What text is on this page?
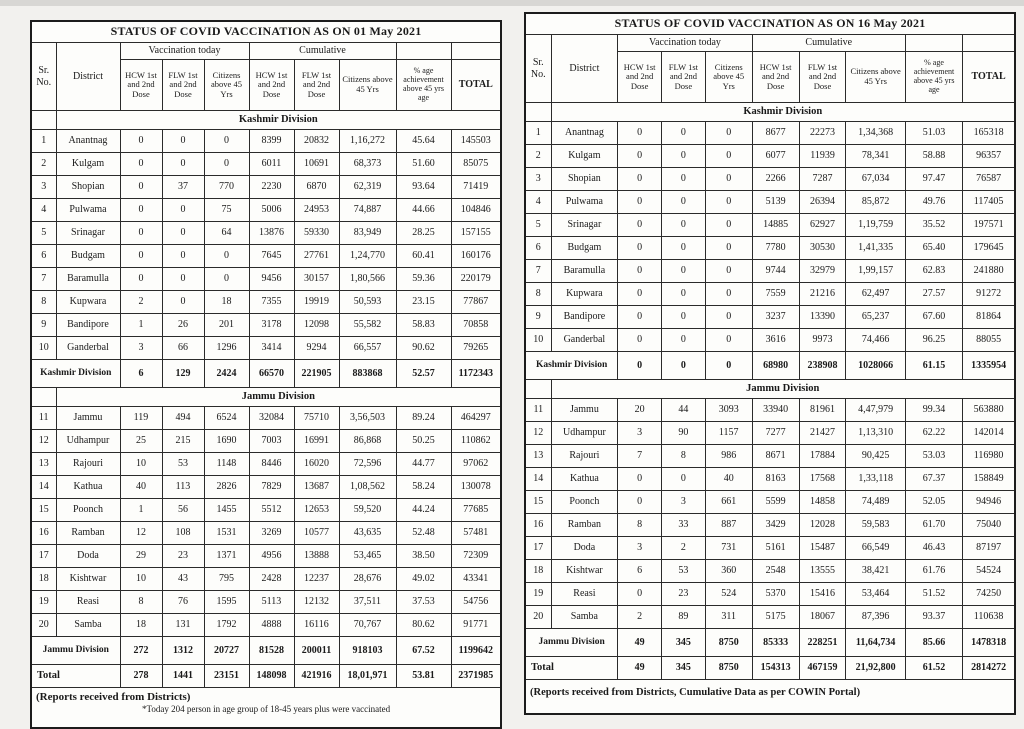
STATUS OF COVID VACCINATION AS ON 01 May 2021									
Sr. No.	District	Vaccination today			Cumulative				
		HCW 1st and 2nd Dose	FLW 1st and 2nd Dose	Citizens above 45 Yrs	HCW 1st and 2nd Dose	FLW 1st and 2nd Dose	Citizens above 45 Yrs	% age achievement above 45 yrs age	TOTAL
	Kashmir Division								
1	Anantnag	0	0	0	8399	20832	1,16,272	45.64	145503
2	Kulgam	0	0	0	6011	10691	68,373	51.60	85075
3	Shopian	0	37	770	2230	6870	62,319	93.64	71419
4	Pulwama	0	0	75	5006	24953	74,887	44.66	104846
5	Srinagar	0	0	64	13876	59330	83,949	28.25	157155
6	Budgam	0	0	0	7645	27761	1,24,770	60.41	160176
7	Baramulla	0	0	0	9456	30157	1,80,566	59.36	220179
8	Kupwara	2	0	18	7355	19919	50,593	23.15	77867
9	Bandipore	1	26	201	3178	12098	55,582	58.83	70858
10	Ganderbal	3	66	1296	3414	9294	66,557	90.62	79265
Kashmir Division		6	129	2424	66570	221905	883868	52.57	1172343
	Jammu Division								
11	Jammu	119	494	6524	32084	75710	3,56,503	89.24	464297
12	Udhampur	25	215	1690	7003	16991	86,868	50.25	110862
13	Rajouri	10	53	1148	8446	16020	72,596	44.77	97062
14	Kathua	40	113	2826	7829	13687	1,08,562	58.24	130078
15	Poonch	1	56	1455	5512	12653	59,520	44.24	77685
16	Ramban	12	108	1531	3269	10577	43,635	52.48	57481
17	Doda	29	23	1371	4956	13888	53,465	38.50	72309
18	Kishtwar	10	43	795	2428	12237	28,676	49.02	43341
19	Reasi	8	76	1595	5113	12132	37,511	37.53	54756
20	Samba	18	131	1792	4888	16116	70,767	80.62	91771
Jammu Division		272	1312	20727	81528	200011	918103	67.52	1199642
Total		278	1441	23151	148098	421916	18,01,971	53.81	2371985

(Reports received from Districts)
*Today 204 person in age group of 18-45 years plus were vaccinated									
STATUS OF COVID VACCINATION AS ON 16 May 2021									
Sr. No.	District	Vaccination today			Cumulative				
		HCW 1st and 2nd Dose	FLW 1st and 2nd Dose	Citizens above 45 Yrs	HCW 1st and 2nd Dose	FLW 1st and 2nd Dose	Citizens above 45 Yrs	% age achievement above 45 yrs age	TOTAL
	Kashmir Division								
1	Anantnag	0	0	0	8677	22273	1,34,368	51.03	165318
2	Kulgam	0	0	0	6077	11939	78,341	58.88	96357
3	Shopian	0	0	0	2266	7287	67,034	97.47	76587
4	Pulwama	0	0	0	5139	26394	85,872	49.76	117405
5	Srinagar	0	0	0	14885	62927	1,19,759	35.52	197571
6	Budgam	0	0	0	7780	30530	1,41,335	65.40	179645
7	Baramulla	0	0	0	9744	32979	1,99,157	62.83	241880
8	Kupwara	0	0	0	7559	21216	62,497	27.57	91272
9	Bandipore	0	0	0	3237	13390	65,237	67.60	81864
10	Ganderbal	0	0	0	3616	9973	74,466	96.25	88055
Kashmir Division		0	0	0	68980	238908	1028066	61.15	1335954
	Jammu Division								
11	Jammu	20	44	3093	33940	81961	4,47,979	99.34	563880
12	Udhampur	3	90	1157	7277	21427	1,13,310	62.22	142014
13	Rajouri	7	8	986	8671	17884	90,425	53.03	116980
14	Kathua	0	0	40	8163	17568	1,33,118	67.37	158849
15	Poonch	0	3	661	5599	14858	74,489	52.05	94946
16	Ramban	8	33	887	3429	12028	59,583	61.70	75040
17	Doda	3	2	731	5161	15487	66,549	46.43	87197
18	Kishtwar	6	53	360	2548	13555	38,421	61.76	54524
19	Reasi	0	23	524	5370	15416	53,464	51.52	74250
20	Samba	2	89	311	5175	18067	87,396	93.37	110638
Jammu Division		49	345	8750	85333	228251	11,64,734	85.66	1478318
Total		49	345	8750	154313	467159	21,92,800	61.52	2814272

(Reports received from Districts, Cumulative Data as per COWIN Portal)									
